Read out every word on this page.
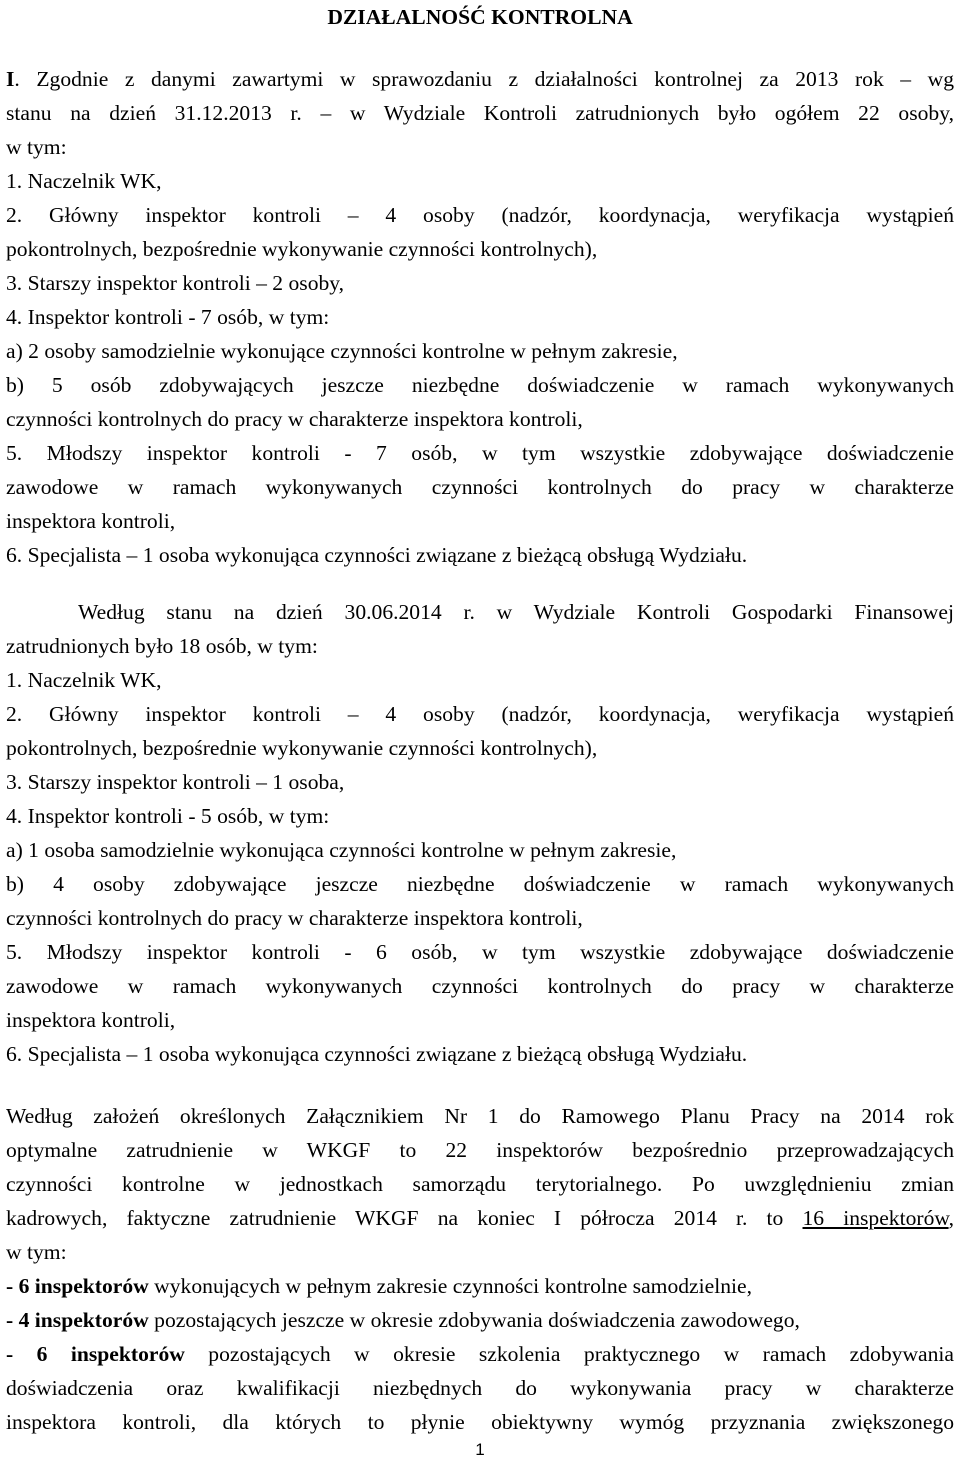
DZIAŁALNOŚĆ KONTROLNA
I. Zgodnie z danymi zawartymi w sprawozdaniu z działalności kontrolnej za 2013 rok – wg
stanu na dzień 31.12.2013 r. – w Wydziale Kontroli zatrudnionych było ogółem 22 osoby,
w tym:
1. Naczelnik WK,
2. Główny inspektor kontroli – 4 osoby (nadzór, koordynacja, weryfikacja wystąpień
pokontrolnych, bezpośrednie wykonywanie czynności kontrolnych),
3. Starszy inspektor kontroli – 2 osoby,
4. Inspektor kontroli - 7 osób, w tym:
a) 2 osoby samodzielnie wykonujące czynności kontrolne w pełnym zakresie,
b) 5 osób zdobywających jeszcze niezbędne doświadczenie w ramach wykonywanych
czynności kontrolnych do pracy w charakterze inspektora kontroli,
5. Młodszy inspektor kontroli - 7 osób, w tym wszystkie zdobywające doświadczenie
zawodowe w ramach wykonywanych czynności kontrolnych do pracy w charakterze
inspektora kontroli,
6. Specjalista – 1 osoba wykonująca czynności związane z bieżącą obsługą Wydziału.
Według stanu na dzień 30.06.2014 r. w Wydziale Kontroli Gospodarki Finansowej
zatrudnionych było 18 osób, w tym:
1. Naczelnik WK,
2. Główny inspektor kontroli – 4 osoby (nadzór, koordynacja, weryfikacja wystąpień
pokontrolnych, bezpośrednie wykonywanie czynności kontrolnych),
3. Starszy inspektor kontroli – 1 osoba,
4. Inspektor kontroli - 5 osób, w tym:
a) 1 osoba samodzielnie wykonująca czynności kontrolne w pełnym zakresie,
b) 4 osoby zdobywające jeszcze niezbędne doświadczenie w ramach wykonywanych
czynności kontrolnych do pracy w charakterze inspektora kontroli,
5. Młodszy inspektor kontroli - 6 osób, w tym wszystkie zdobywające doświadczenie
zawodowe w ramach wykonywanych czynności kontrolnych do pracy w charakterze
inspektora kontroli,
6. Specjalista – 1 osoba wykonująca czynności związane z bieżącą obsługą Wydziału.
Według założeń określonych Załącznikiem Nr 1 do Ramowego Planu Pracy na 2014 rok
optymalne zatrudnienie w WKGF to 22 inspektorów bezpośrednio przeprowadzających
czynności kontrolne w jednostkach samorządu terytorialnego. Po uwzględnieniu zmian
kadrowych, faktyczne zatrudnienie WKGF na koniec I półrocza 2014 r. to 16 inspektorów,
w tym:
- 6 inspektorów wykonujących w pełnym zakresie czynności kontrolne samodzielnie,
- 4 inspektorów pozostających jeszcze w okresie zdobywania doświadczenia zawodowego,
- 6 inspektorów pozostających w okresie szkolenia praktycznego w ramach zdobywania
doświadczenia oraz kwalifikacji niezbędnych do wykonywania pracy w charakterze
inspektora kontroli, dla których to płynie obiektywny wymóg przyznania zwiększonego
1
